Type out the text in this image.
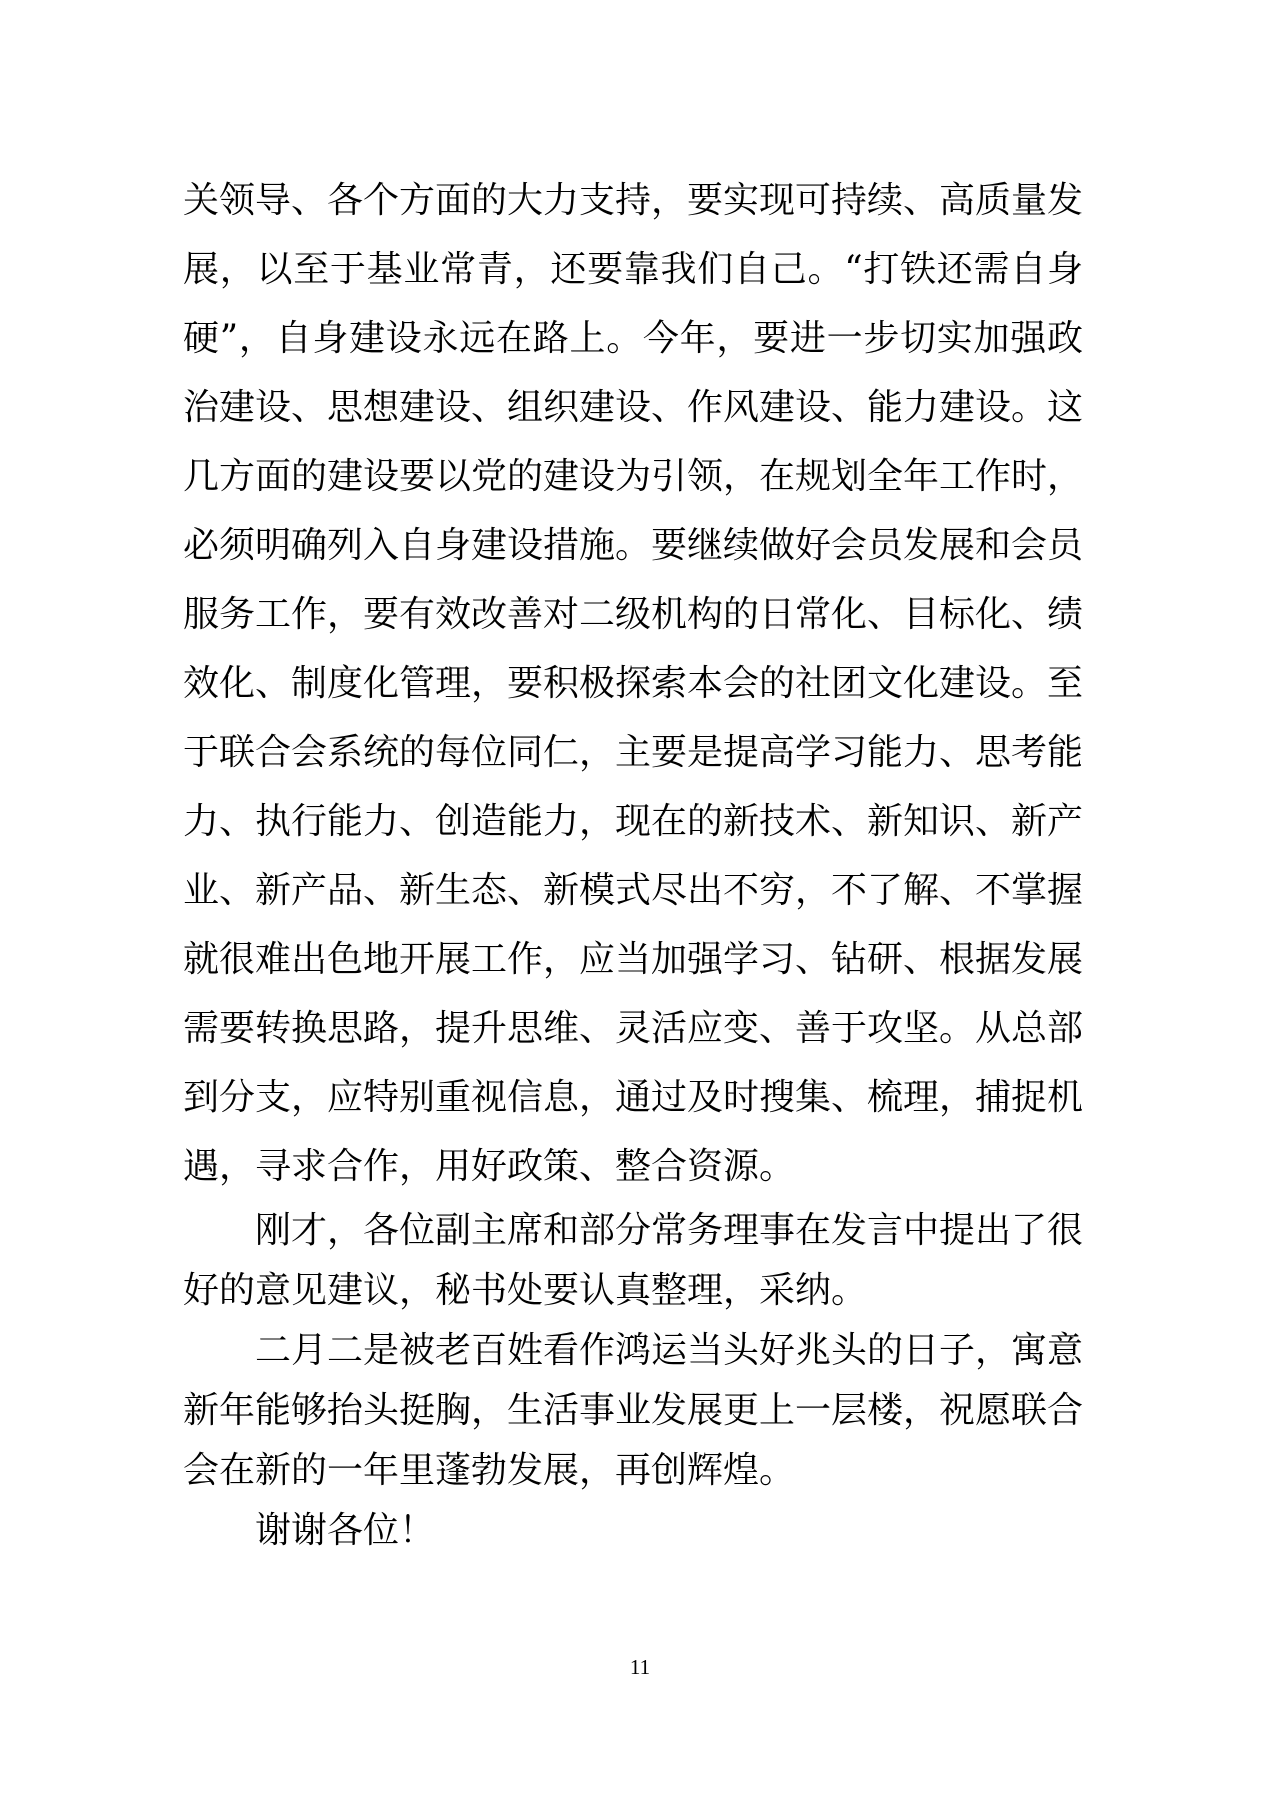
关领导、各个方面的大力支持，要实现可持续、高质量发展，以至于基业常青，还要靠我们自己。“打铁还需自身硬”，自身建设永远在路上。今年，要进一步切实加强政治建设、思想建设、组织建设、作风建设、能力建设。这几方面的建设要以党的建设为引领，在规划全年工作时，必须明确列入自身建设措施。要继续做好会员发展和会员服务工作，要有效改善对二级机构的日常化、目标化、绩效化、制度化管理，要积极探索本会的社团文化建设。至于联合会系统的每位同仁，主要是提高学习能力、思考能力、执行能力、创造能力，现在的新技术、新知识、新产业、新产品、新生态、新模式尽出不穷，不了解、不掌握就很难出色地开展工作，应当加强学习、钻研、根据发展需要转换思路，提升思维、灵活应变、善于攻坚。从总部到分支，应特别重视信息，通过及时搜集、梳理，捕捉机遇，寻求合作，用好政策、整合资源。

刚才，各位副主席和部分常务理事在发言中提出了很好的意见建议，秘书处要认真整理，采纳。

二月二是被老百姓看作鸿运当头好兆头的日子，寓意新年能够抬头挺胸，生活事业发展更上一层楼，祝愿联合会在新的一年里蓬勃发展，再创辉煌。

谢谢各位！

11
